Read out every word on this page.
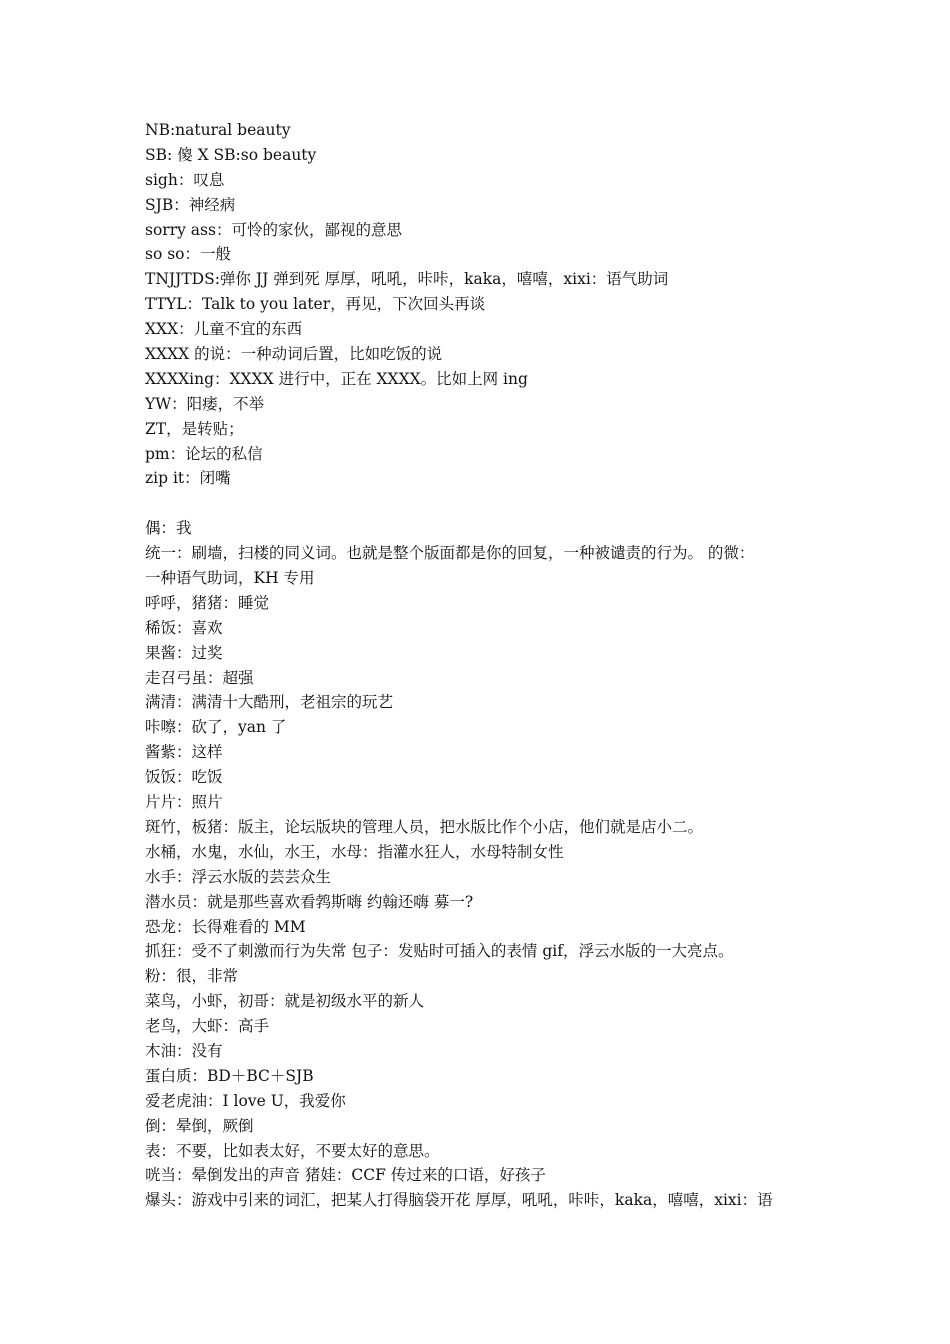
NB:natural beauty
SB: 傻 X SB:so beauty
sigh：叹息
SJB：神经病
sorry ass：可怜的家伙，鄙视的意思
so so：一般
TNJJTDS:弹你 JJ 弹到死 厚厚，吼吼，咔咔，kaka，嘻嘻，xixi：语气助词
TTYL：Talk to you later，再见，下次回头再谈
XXX：儿童不宜的东西
XXXX 的说：一种动词后置，比如吃饭的说
XXXXing：XXXX 进行中，正在 XXXX。比如上网 ing
YW：阳痿，不举
ZT，是转贴；
pm：论坛的私信
zip it：闭嘴
偶：我
统一：刷墙，扫楼的同义词。也就是整个版面都是你的回复，一种被谴责的行为。 的微：
一种语气助词，KH 专用
呼呼，猪猪：睡觉
稀饭：喜欢
果酱：过奖
走召弓虽：超强
满清：满清十大酷刑，老祖宗的玩艺
咔嚓：砍了，yan 了
酱紫：这样
饭饭：吃饭
片片：照片
斑竹，板猪：版主，论坛版块的管理人员，把水版比作个小店，他们就是店小二。
水桶，水鬼，水仙，水王，水母：指灌水狂人，水母特制女性
水手：浮云水版的芸芸众生
潜水员：就是那些喜欢看鹁斯嗨 约翰还嗨 募一?
恐龙：长得难看的 MM
抓狂：受不了刺激而行为失常 包子：发贴时可插入的表情 gif，浮云水版的一大亮点。
粉：很，非常
菜鸟，小虾，初哥：就是初级水平的新人
老鸟，大虾：高手
木油：没有
蛋白质：BD＋BC＋SJB
爱老虎油：I love U，我爱你
倒：晕倒，厥倒
表：不要，比如表太好，不要太好的意思。
咣当：晕倒发出的声音 猪娃：CCF 传过来的口语，好孩子
爆头：游戏中引来的词汇，把某人打得脑袋开花 厚厚，吼吼，咔咔，kaka，嘻嘻，xixi：语
